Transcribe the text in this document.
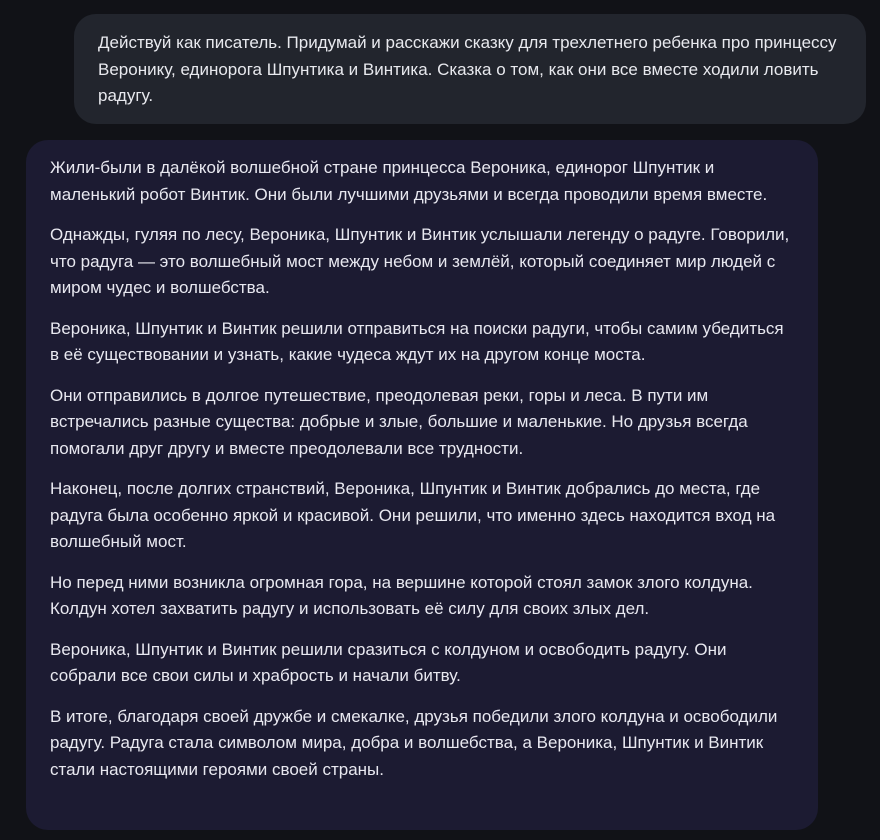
Действуй как писатель. Придумай и расскажи сказку для трехлетнего ребенка про принцессу Веронику, единорога Шпунтика и Винтика. Сказка о том, как они все вместе ходили ловить радугу.

Жили-были в далёкой волшебной стране принцесса Вероника, единорог Шпунтик и маленький робот Винтик. Они были лучшими друзьями и всегда проводили время вместе.

Однажды, гуляя по лесу, Вероника, Шпунтик и Винтик услышали легенду о радуге. Говорили, что радуга — это волшебный мост между небом и землёй, который соединяет мир людей с миром чудес и волшебства.

Вероника, Шпунтик и Винтик решили отправиться на поиски радуги, чтобы самим убедиться в её существовании и узнать, какие чудеса ждут их на другом конце моста.

Они отправились в долгое путешествие, преодолевая реки, горы и леса. В пути им встречались разные существа: добрые и злые, большие и маленькие. Но друзья всегда помогали друг другу и вместе преодолевали все трудности.

Наконец, после долгих странствий, Вероника, Шпунтик и Винтик добрались до места, где радуга была особенно яркой и красивой. Они решили, что именно здесь находится вход на волшебный мост.

Но перед ними возникла огромная гора, на вершине которой стоял замок злого колдуна. Колдун хотел захватить радугу и использовать её силу для своих злых дел.

Вероника, Шпунтик и Винтик решили сразиться с колдуном и освободить радугу. Они собрали все свои силы и храбрость и начали битву.

В итоге, благодаря своей дружбе и смекалке, друзья победили злого колдуна и освободили радугу. Радуга стала символом мира, добра и волшебства, а Вероника, Шпунтик и Винтик стали настоящими героями своей страны.
